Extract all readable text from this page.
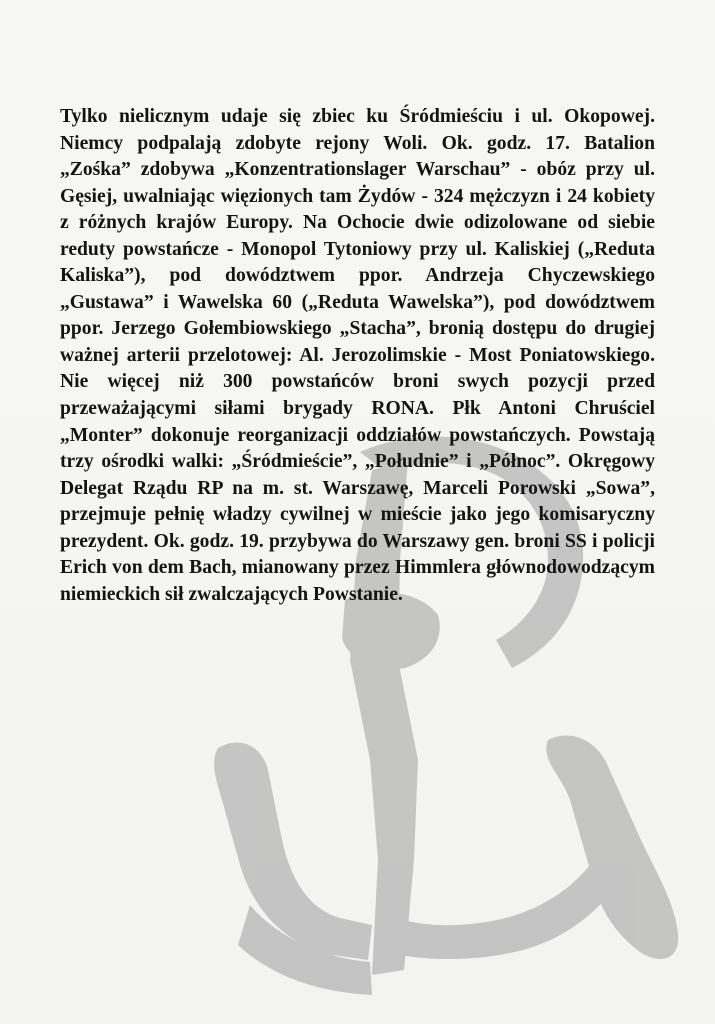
Tylko nielicznym udaje się zbiec ku Śródmieściu i ul. Okopowej. Niemcy podpalają zdobyte rejony Woli. Ok. godz. 17. Batalion „Zośka” zdobywa „Konzentrationslager Warschau” - obóz przy ul. Gęsiej, uwalniając więzionych tam Żydów - 324 mężczyzn i 24 kobiety z różnych krajów Europy. Na Ochocie dwie odizolowane od siebie reduty powstańcze - Monopol Tytoniowy przy ul. Kaliskiej („Reduta Kaliska”), pod dowództwem ppor. Andrzeja Chyczewskiego „Gustawa” i Wawelska 60 („Reduta Wawelska”), pod dowództwem ppor. Jerzego Gołembiowskiego „Stacha”, bronią dostępu do drugiej ważnej arterii przelotowej: Al. Jerozolimskie - Most Poniatowskiego. Nie więcej niż 300 powstańców broni swych pozycji przed przeważającymi siłami brygady RONA. Płk Antoni Chruściel „Monter” dokonuje reorganizacji oddziałów powstańczych. Powstają trzy ośrodki walki: „Śródmieście”, „Południe” i „Północ”. Okręgowy Delegat Rządu RP na m. st. Warszawę, Marceli Porowski „Sowa”, przejmuje pełnię władzy cywilnej w mieście jako jego komisaryczny prezydent. Ok. godz. 19. przybywa do Warszawy gen. broni SS i policji Erich von dem Bach, mianowany przez Himmlera głównodowodzącym niemieckich sił zwalczających Powstanie.
